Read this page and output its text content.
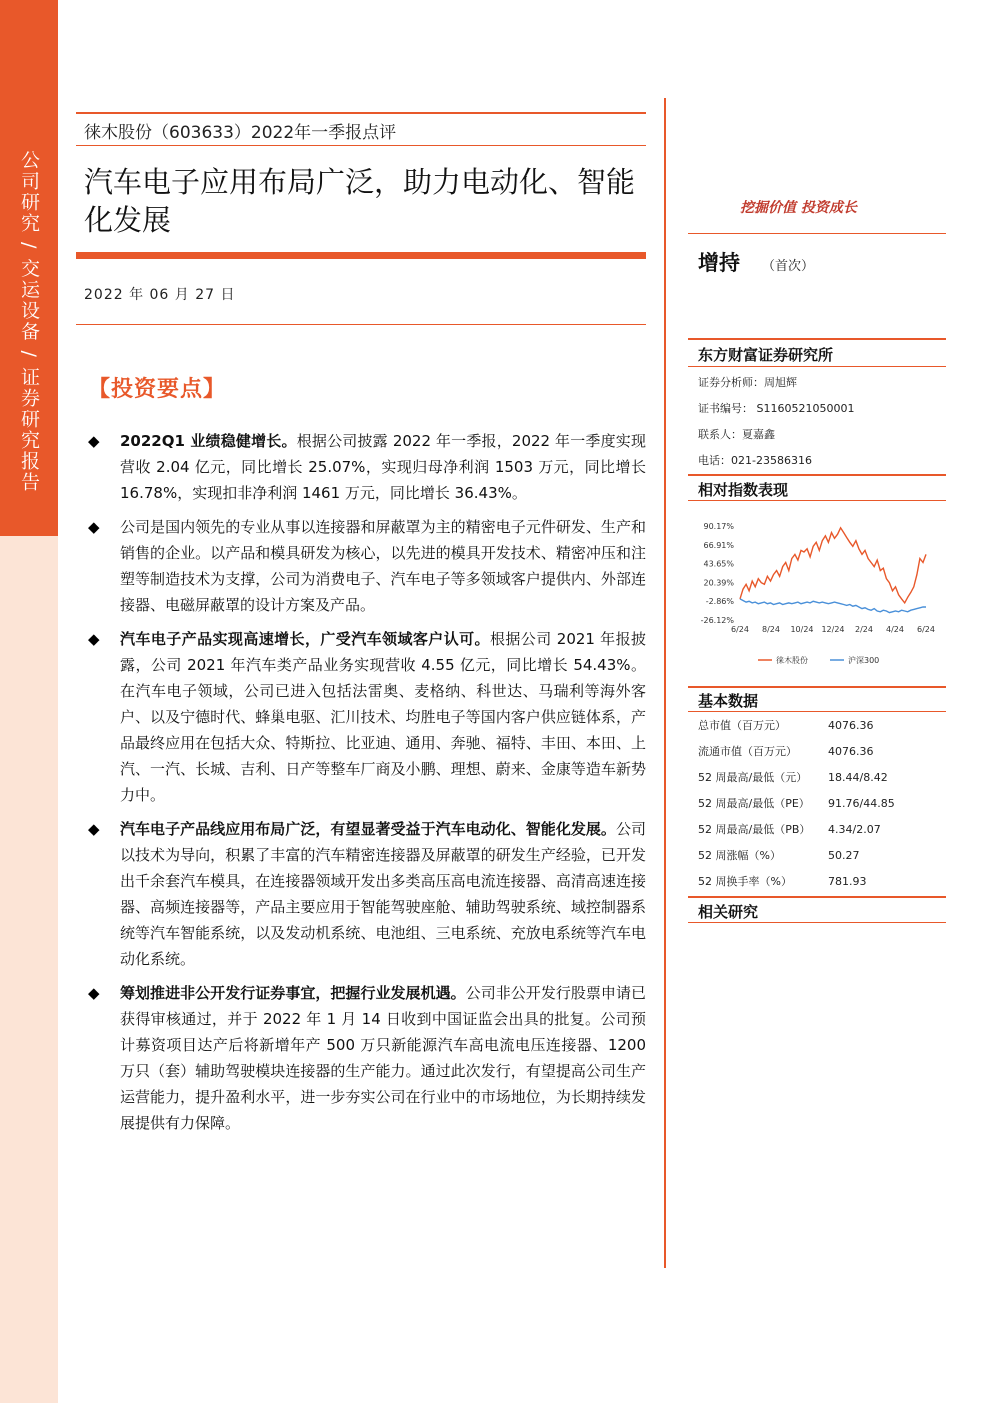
公司研究 / 交运设备 / 证券研究报告
徕木股份（603633）2022年一季报点评
汽车电子应用布局广泛，助力电动化、智能化发展
2022 年 06 月 27 日
【投资要点】
◆	2022Q1 业绩稳健增长。根据公司披露 2022 年一季报，2022 年一季度实现营收 2.04 亿元，同比增长 25.07%，实现归母净利润 1503 万元，同比增长 16.78%，实现扣非净利润 1461 万元，同比增长 36.43%。
◆	公司是国内领先的专业从事以连接器和屏蔽罩为主的精密电子元件研发、生产和销售的企业。以产品和模具研发为核心，以先进的模具开发技术、精密冲压和注塑等制造技术为支撑，公司为消费电子、汽车电子等多领域客户提供内、外部连接器、电磁屏蔽罩的设计方案及产品。
◆	汽车电子产品实现高速增长，广受汽车领域客户认可。根据公司 2021 年报披露，公司 2021 年汽车类产品业务实现营收 4.55 亿元，同比增长 54.43%。在汽车电子领域，公司已进入包括法雷奥、麦格纳、科世达、马瑞利等海外客户、以及宁德时代、蜂巢电驱、汇川技术、均胜电子等国内客户供应链体系，产品最终应用在包括大众、特斯拉、比亚迪、通用、奔驰、福特、丰田、本田、上汽、一汽、长城、吉利、日产等整车厂商及小鹏、理想、蔚来、金康等造车新势力中。
◆	汽车电子产品线应用布局广泛，有望显著受益于汽车电动化、智能化发展。公司以技术为导向，积累了丰富的汽车精密连接器及屏蔽罩的研发生产经验，已开发出千余套汽车模具，在连接器领域开发出多类高压高电流连接器、高清高速连接器、高频连接器等，产品主要应用于智能驾驶座舱、辅助驾驶系统、域控制器系统等汽车智能系统，以及发动机系统、电池组、三电系统、充放电系统等汽车电动化系统。
◆	筹划推进非公开发行证券事宜，把握行业发展机遇。公司非公开发行股票申请已获得审核通过，并于 2022 年 1 月 14 日收到中国证监会出具的批复。公司预计募资项目达产后将新增年产 500 万只新能源汽车高电流电压连接器、1200 万只（套）辅助驾驶模块连接器的生产能力。通过此次发行，有望提高公司生产运营能力，提升盈利水平，进一步夯实公司在行业中的市场地位，为长期持续发展提供有力保障。
挖掘价值 投资成长
增持 （首次）
东方财富证券研究所
证券分析师：周旭辉
证书编号： S1160521050001
联系人：夏嘉鑫
电话：021-23586316
相对指数表现
90.17%
66.91%
43.65%
20.39%
-2.86%
-26.12%
6/24 8/24 10/24 12/24 2/24 4/24 6/24
徕木股份	沪深300
基本数据
总市值（百万元）	4076.36
流通市值（百万元）	4076.36
52 周最高/最低（元）	18.44/8.42
52 周最高/最低（PE）	91.76/44.85
52 周最高/最低（PB）	4.34/2.07
52 周涨幅（%）	50.27
52 周换手率（%）	781.93
相关研究
